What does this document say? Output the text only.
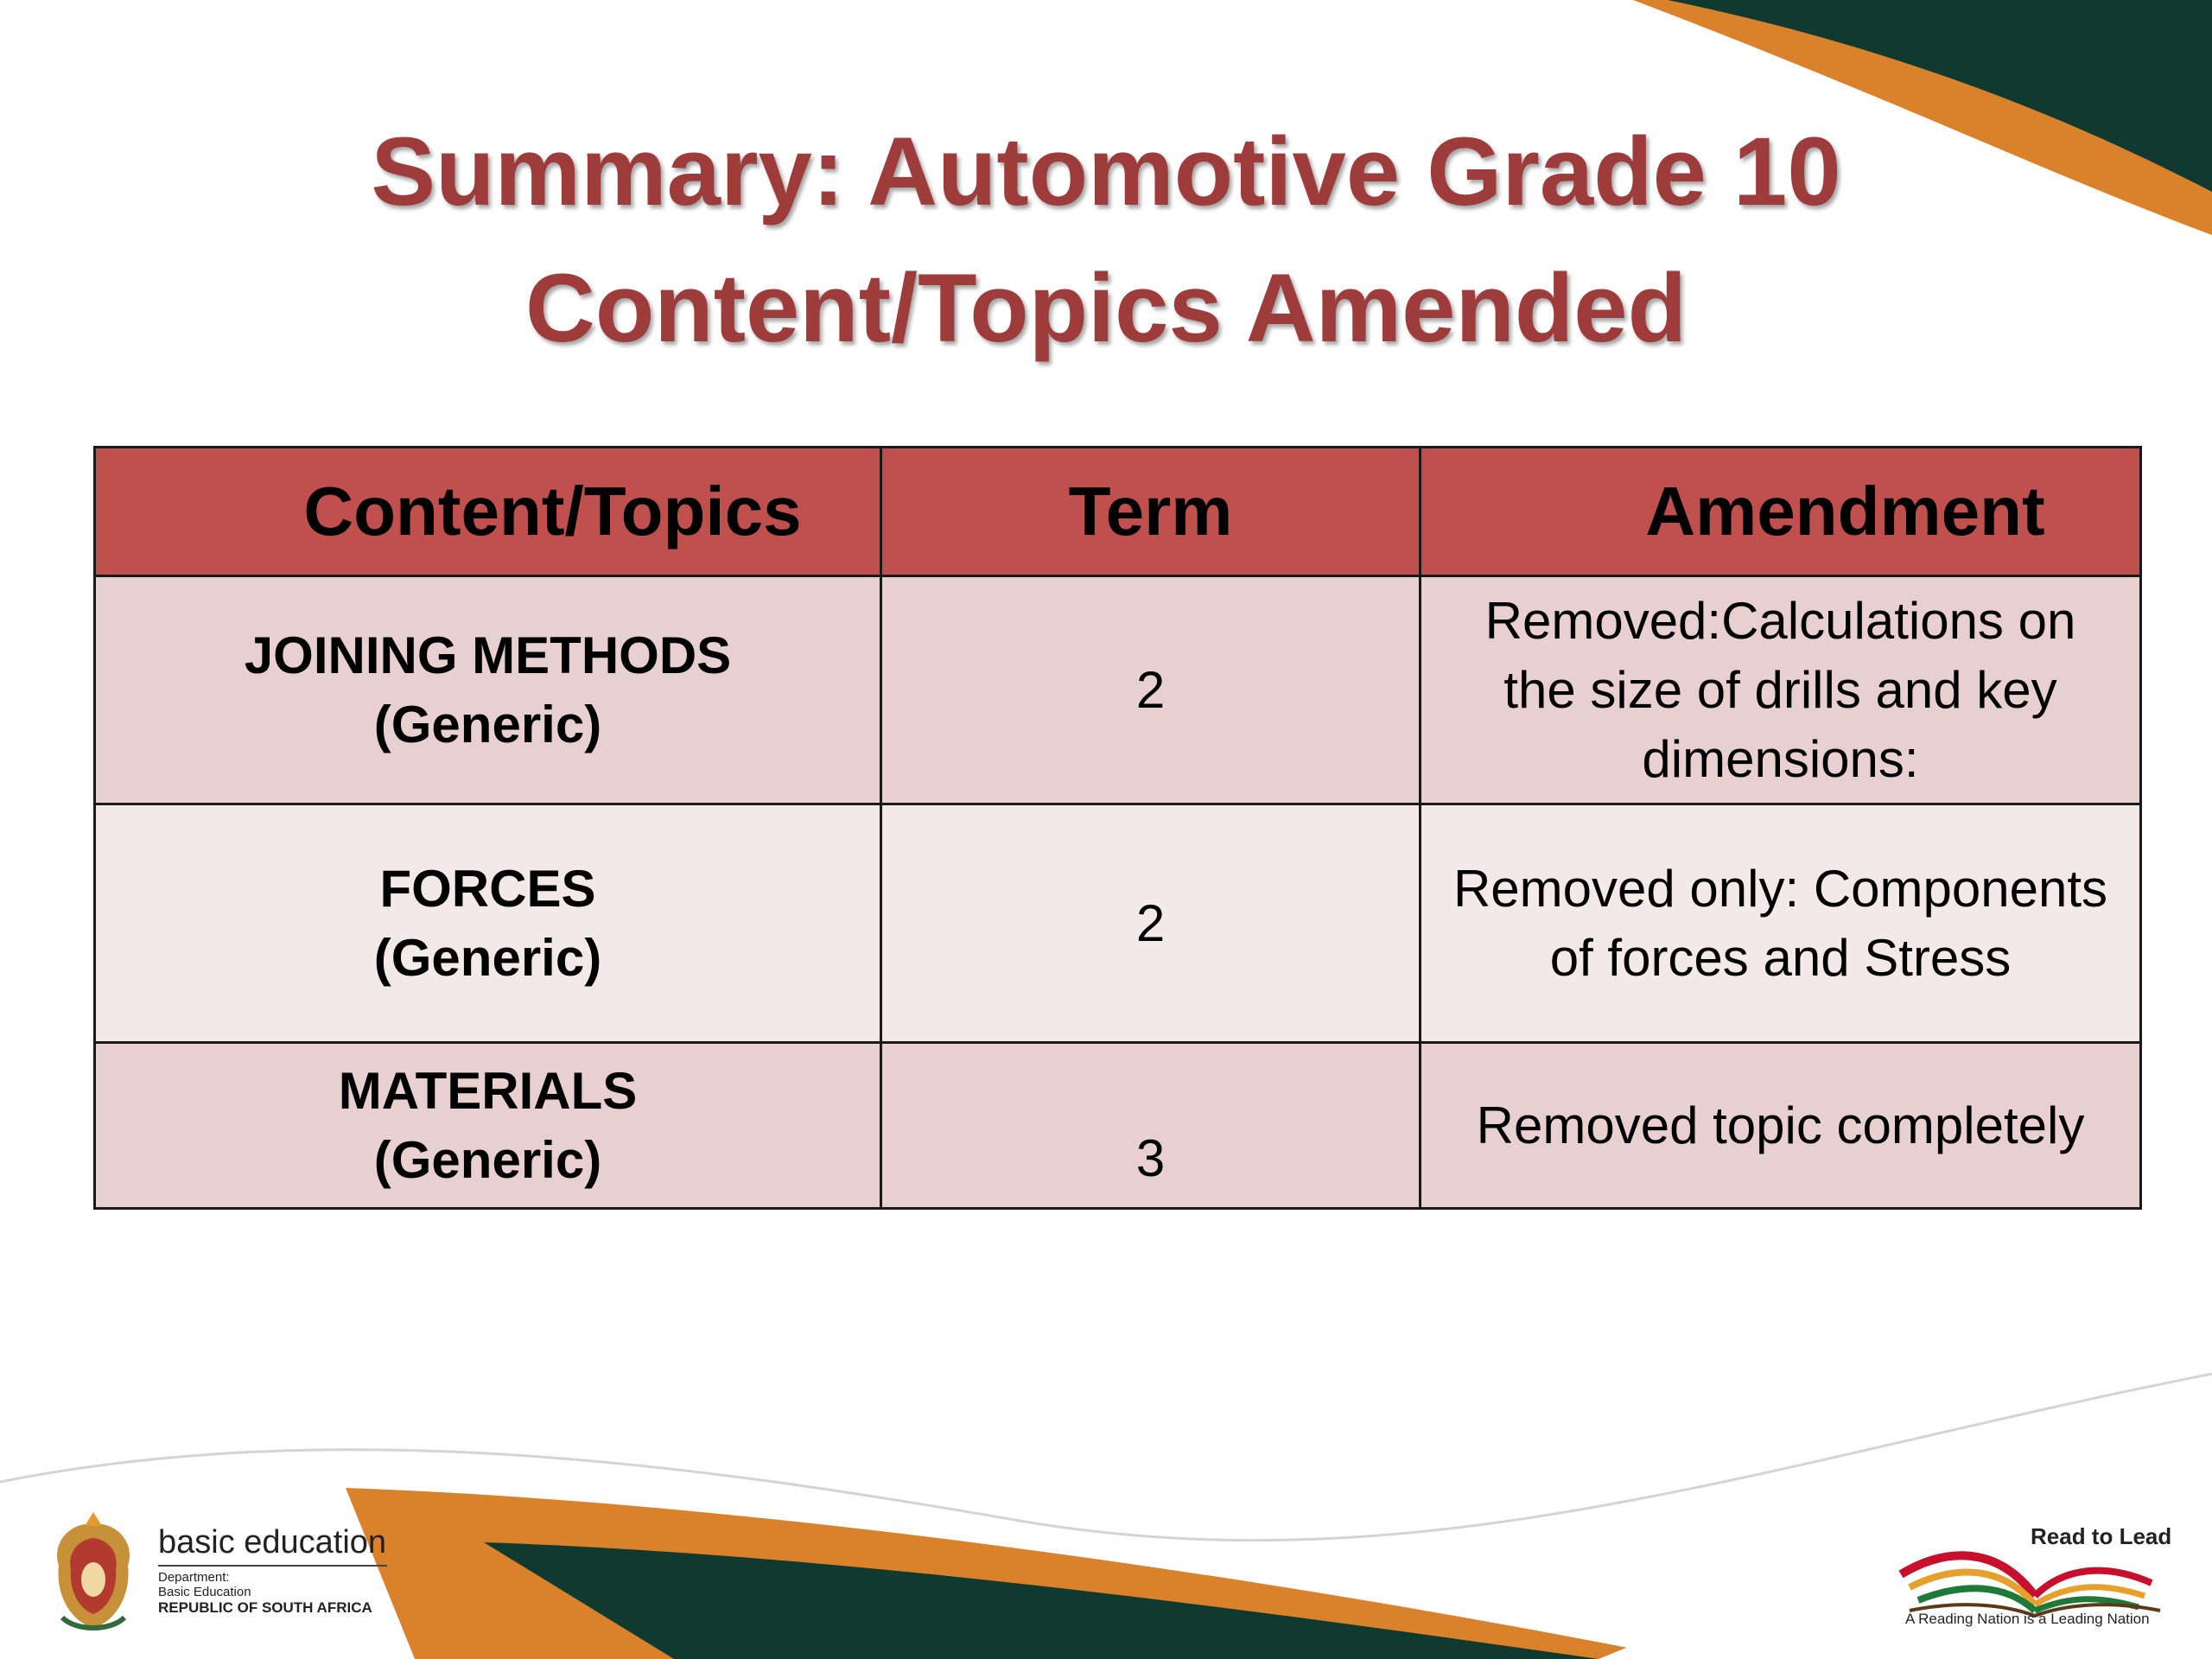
Summary: Automotive Grade 10
Content/Topics Amended
Content/Topics	Term	Amendment

JOINING METHODS
(Generic)	2	Removed:Calculations on the size of drills and key dimensions:

FORCES
(Generic)	2	Removed only: Components of forces and Stress

MATERIALS
(Generic)	3	Removed topic completely
basic education
Department:
Basic Education
REPUBLIC OF SOUTH AFRICA
Read to Lead
A Reading Nation is a Leading Nation
